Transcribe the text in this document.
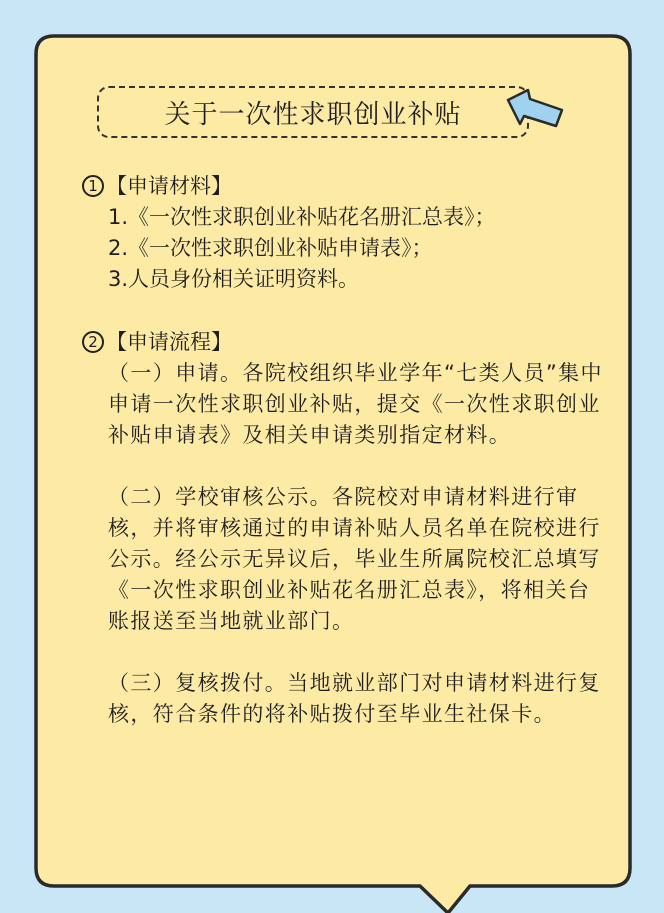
关于一次性求职创业补贴
1 【申请材料】
1.《一次性求职创业补贴花名册汇总表》；
2.《一次性求职创业补贴申请表》；
3.人员身份相关证明资料。
2 【申请流程】
（一）申请。各院校组织毕业学年“七类人员”集中申请一次性求职创业补贴，提交《一次性求职创业补贴申请表》及相关申请类别指定材料。
（二）学校审核公示。各院校对申请材料进行审核，并将审核通过的申请补贴人员名单在院校进行公示。经公示无异议后，毕业生所属院校汇总填写《一次性求职创业补贴花名册汇总表》，将相关台账报送至当地就业部门。
（三）复核拨付。当地就业部门对申请材料进行复核，符合条件的将补贴拨付至毕业生社保卡。
